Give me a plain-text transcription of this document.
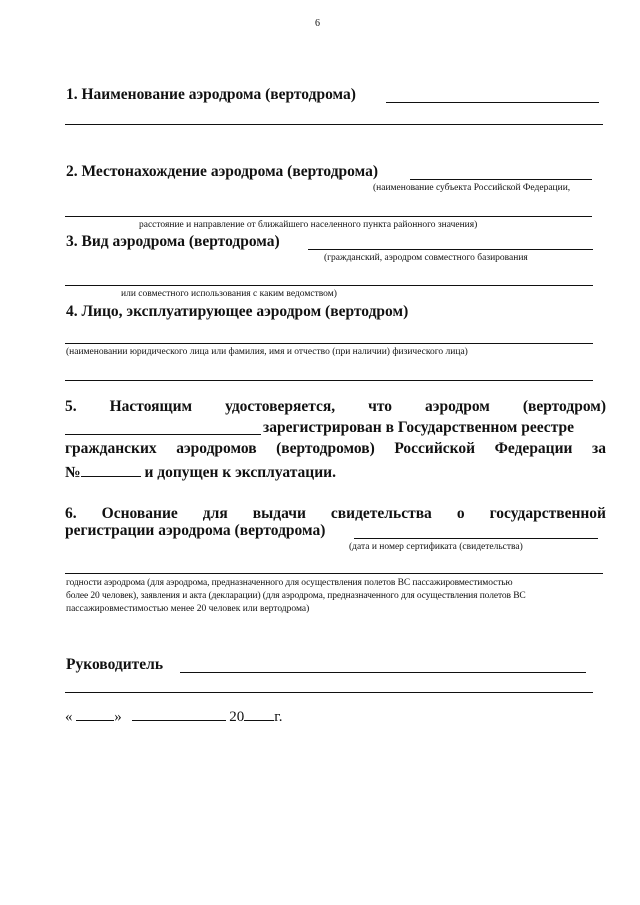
6
1. Наименование аэродрома (вертодрома)
2. Местонахождение аэродрома (вертодрома)
(наименование субъекта Российской Федерации,
расстояние и направление от ближайшего населенного пункта районного значения)
3. Вид аэродрома (вертодрома)
(гражданский, аэродром совместного базирования
или совместного использования с каким ведомством)
4. Лицо, эксплуатирующее аэродром (вертодром)
(наименовании юридического лица или фамилия, имя и отчество (при наличии) физического лица)
5. Настоящим удостоверяется, что аэродром (вертодром)
зарегистрирован в Государственном реестре
гражданских аэродромов (вертодромов) Российской Федерации за
№	и допущен к эксплуатации.
6. Основание для выдачи свидетельства о государственной
регистрации аэродрома (вертодрома)
(дата и номер сертификата (свидетельства)
годности аэродрома (для аэродрома, предназначенного для осуществления полетов ВС пассажировместимостью
более 20 человек), заявления и акта (декларации) (для аэродрома, предназначенного для осуществления полетов ВС
пассажировместимостью менее 20 человек или вертодрома)
Руководитель
«	»	20 г.
